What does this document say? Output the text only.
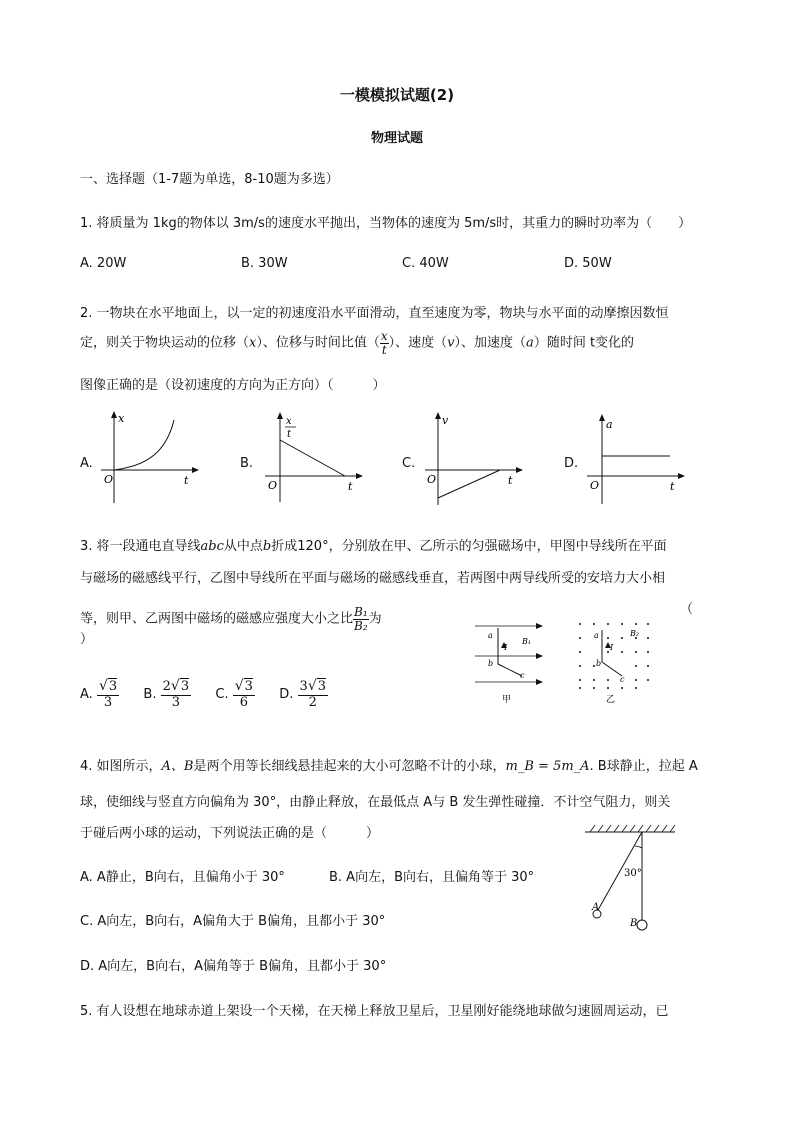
一模模拟试题(2)
物理试题
一、选择题（1-7题为单选，8-10题为多选）
1. 将质量为 1kg的物体以 3m/s的速度水平抛出，当物体的速度为 5m/s时，其重力的瞬时功率为（　　）
A. 20W	B. 30W	C. 40W	D. 50W
2. 一物块在水平地面上，以一定的初速度沿水平面滑动，直至速度为零，物块与水平面的动摩擦因数恒
定，则关于物块运动的位移（x）、位移与时间比值（ $\frac{x}{t}$ ）、速度（v）、加速度（a）随时间 t变化的
图像正确的是（设初速度的方向为正方向）（　　　）
A.
x
O	t
B.
x
t
O	t
C.
v
O	t
D.
a
O	t
3. 将一段通电直导线abc从中点b折成120°，分别放在甲、乙所示的匀强磁场中，甲图中导线所在平面
与磁场的磁感线平行，乙图中导线所在平面与磁场的磁感线垂直，若两图中两导线所受的安培力大小相
等，则甲、乙两图中磁场的磁感应强度大小之比 $\frac{\text{B₁}}{\text{B₂}}$ 为
（
）
A. $\frac{√3}{3} B$. $\frac{2√3}{3} C$. $\frac{√3}{6} D$. $\frac{3√3}{2}$
a
b
c
I
B₁
甲
a
b
c
I
B₂
乙
4. 如图所示，A、B是两个用等长细线悬挂起来的大小可忽略不计的小球，m_B = 5m_A. B球静止，拉起 A
球，使细线与竖直方向偏角为 30°，由静止释放，在最低点 A与 B 发生弹性碰撞．不计空气阻力，则关
于碰后两小球的运动，下列说法正确的是（　　　）
A. A静止，B向右，且偏角小于 30°	B. A向左，B向右，且偏角等于 30°
C. A向左，B向右，A偏角大于 B偏角，且都小于 30°
D. A向左，B向右，A偏角等于 B偏角，且都小于 30°
30°
A
B
5. 有人设想在地球赤道上架设一个天梯，在天梯上释放卫星后，卫星刚好能绕地球做匀速圆周运动，已
